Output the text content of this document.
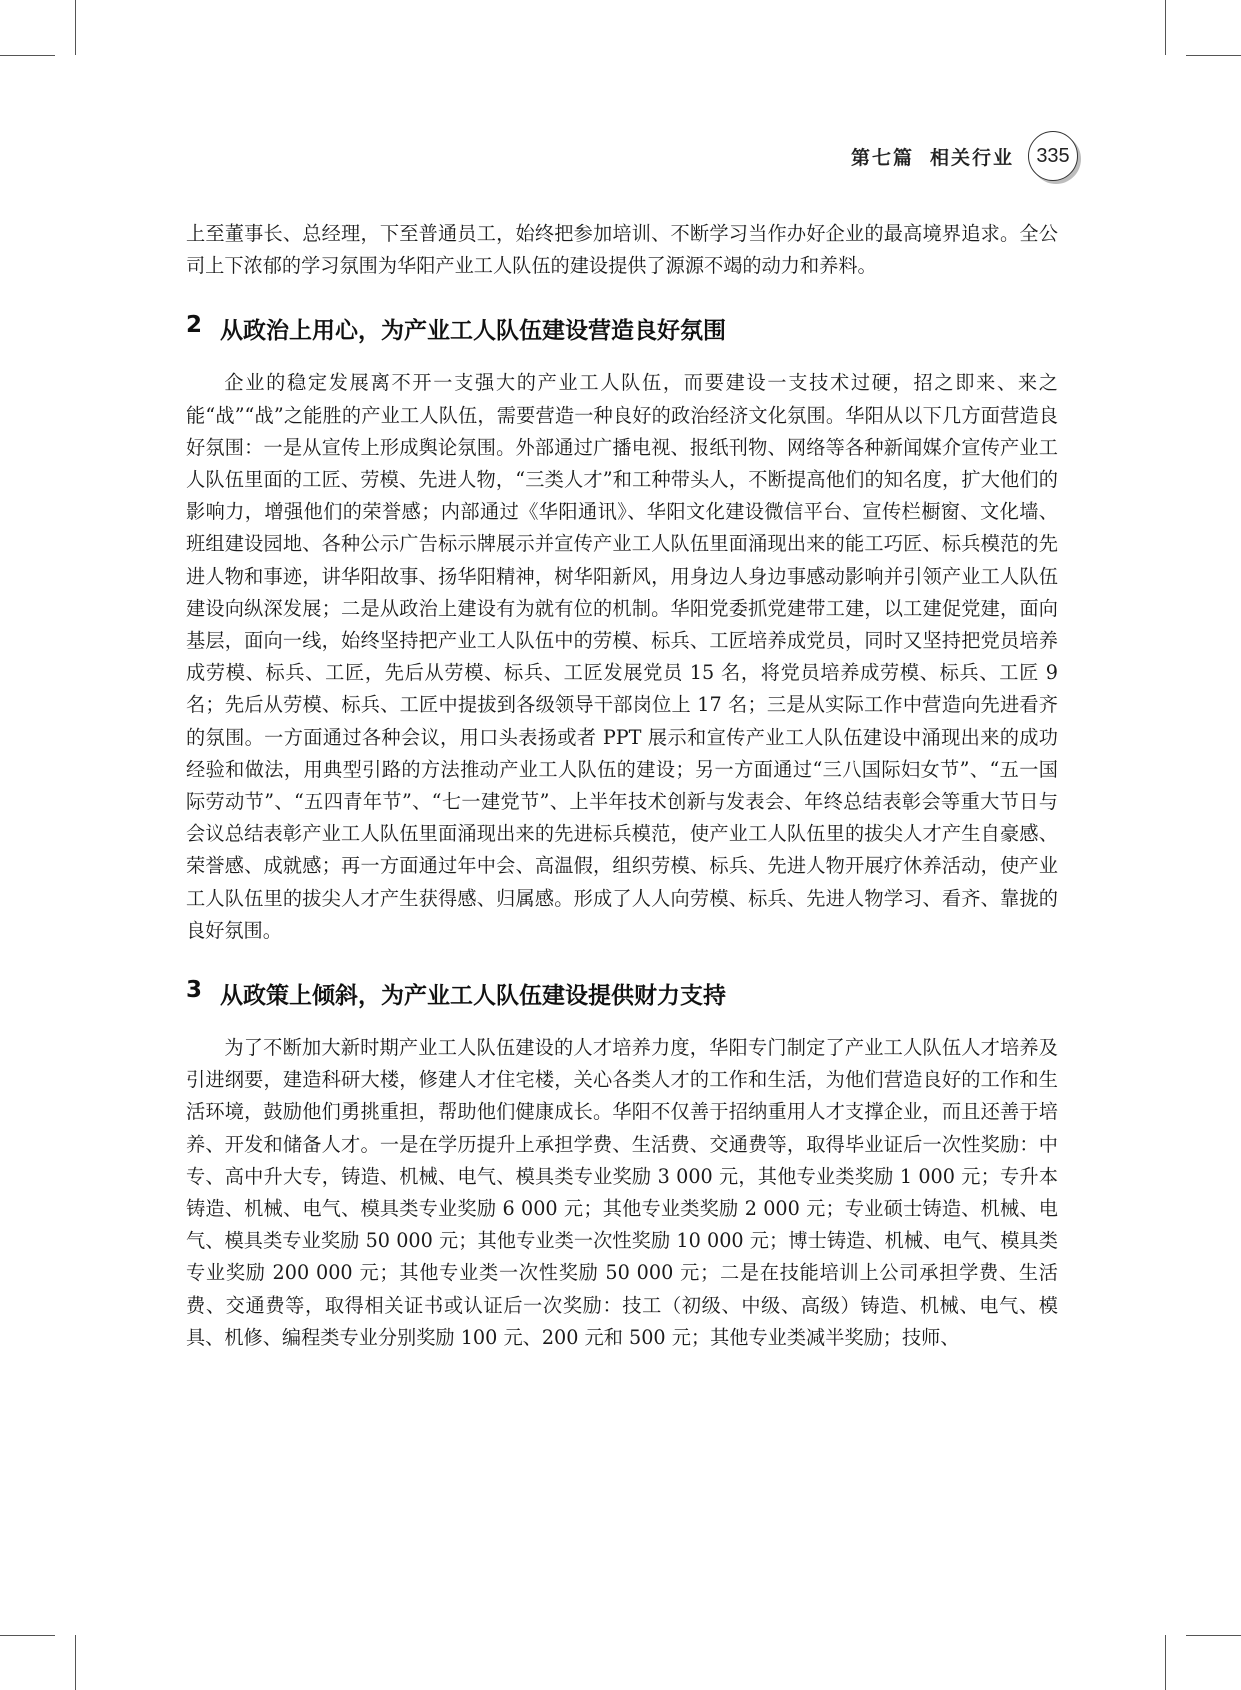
第七篇 相关行业 335

上至董事长、总经理，下至普通员工，始终把参加培训、不断学习当作办好企业的最高境界追求。全公司上下浓郁的学习氛围为华阳产业工人队伍的建设提供了源源不竭的动力和养料。

2 从政治上用心，为产业工人队伍建设营造良好氛围

企业的稳定发展离不开一支强大的产业工人队伍，而要建设一支技术过硬，招之即来、来之能“战”“战”之能胜的产业工人队伍，需要营造一种良好的政治经济文化氛围。华阳从以下几方面营造良好氛围：一是从宣传上形成舆论氛围。外部通过广播电视、报纸刊物、网络等各种新闻媒介宣传产业工人队伍里面的工匠、劳模、先进人物，“三类人才”和工种带头人，不断提高他们的知名度，扩大他们的影响力，增强他们的荣誉感；内部通过《华阳通讯》、华阳文化建设微信平台、宣传栏橱窗、文化墙、班组建设园地、各种公示广告标示牌展示并宣传产业工人队伍里面涌现出来的能工巧匠、标兵模范的先进人物和事迹，讲华阳故事、扬华阳精神，树华阳新风，用身边人身边事感动影响并引领产业工人队伍建设向纵深发展；二是从政治上建设有为就有位的机制。华阳党委抓党建带工建，以工建促党建，面向基层，面向一线，始终坚持把产业工人队伍中的劳模、标兵、工匠培养成党员，同时又坚持把党员培养成劳模、标兵、工匠，先后从劳模、标兵、工匠发展党员 15 名，将党员培养成劳模、标兵、工匠 9 名；先后从劳模、标兵、工匠中提拔到各级领导干部岗位上 17 名；三是从实际工作中营造向先进看齐的氛围。一方面通过各种会议，用口头表扬或者 PPT 展示和宣传产业工人队伍建设中涌现出来的成功经验和做法，用典型引路的方法推动产业工人队伍的建设；另一方面通过“三八国际妇女节”、“五一国际劳动节”、“五四青年节”、“七一建党节”、上半年技术创新与发表会、年终总结表彰会等重大节日与会议总结表彰产业工人队伍里面涌现出来的先进标兵模范，使产业工人队伍里的拔尖人才产生自豪感、荣誉感、成就感；再一方面通过年中会、高温假，组织劳模、标兵、先进人物开展疗休养活动，使产业工人队伍里的拔尖人才产生获得感、归属感。形成了人人向劳模、标兵、先进人物学习、看齐、靠拢的良好氛围。

3 从政策上倾斜，为产业工人队伍建设提供财力支持

为了不断加大新时期产业工人队伍建设的人才培养力度，华阳专门制定了产业工人队伍人才培养及引进纲要，建造科研大楼，修建人才住宅楼，关心各类人才的工作和生活，为他们营造良好的工作和生活环境，鼓励他们勇挑重担，帮助他们健康成长。华阳不仅善于招纳重用人才支撑企业，而且还善于培养、开发和储备人才。一是在学历提升上承担学费、生活费、交通费等，取得毕业证后一次性奖励：中专、高中升大专，铸造、机械、电气、模具类专业奖励 3 000 元，其他专业类奖励 1 000 元；专升本铸造、机械、电气、模具类专业奖励 6 000 元；其他专业类奖励 2 000 元；专业硕士铸造、机械、电气、模具类专业奖励 50 000 元；其他专业类一次性奖励 10 000 元；博士铸造、机械、电气、模具类专业奖励 200 000 元；其他专业类一次性奖励 50 000 元；二是在技能培训上公司承担学费、生活费、交通费等，取得相关证书或认证后一次奖励：技工（初级、中级、高级）铸造、机械、电气、模具、机修、编程类专业分别奖励 100 元、200 元和 500 元；其他专业类减半奖励；技师、
